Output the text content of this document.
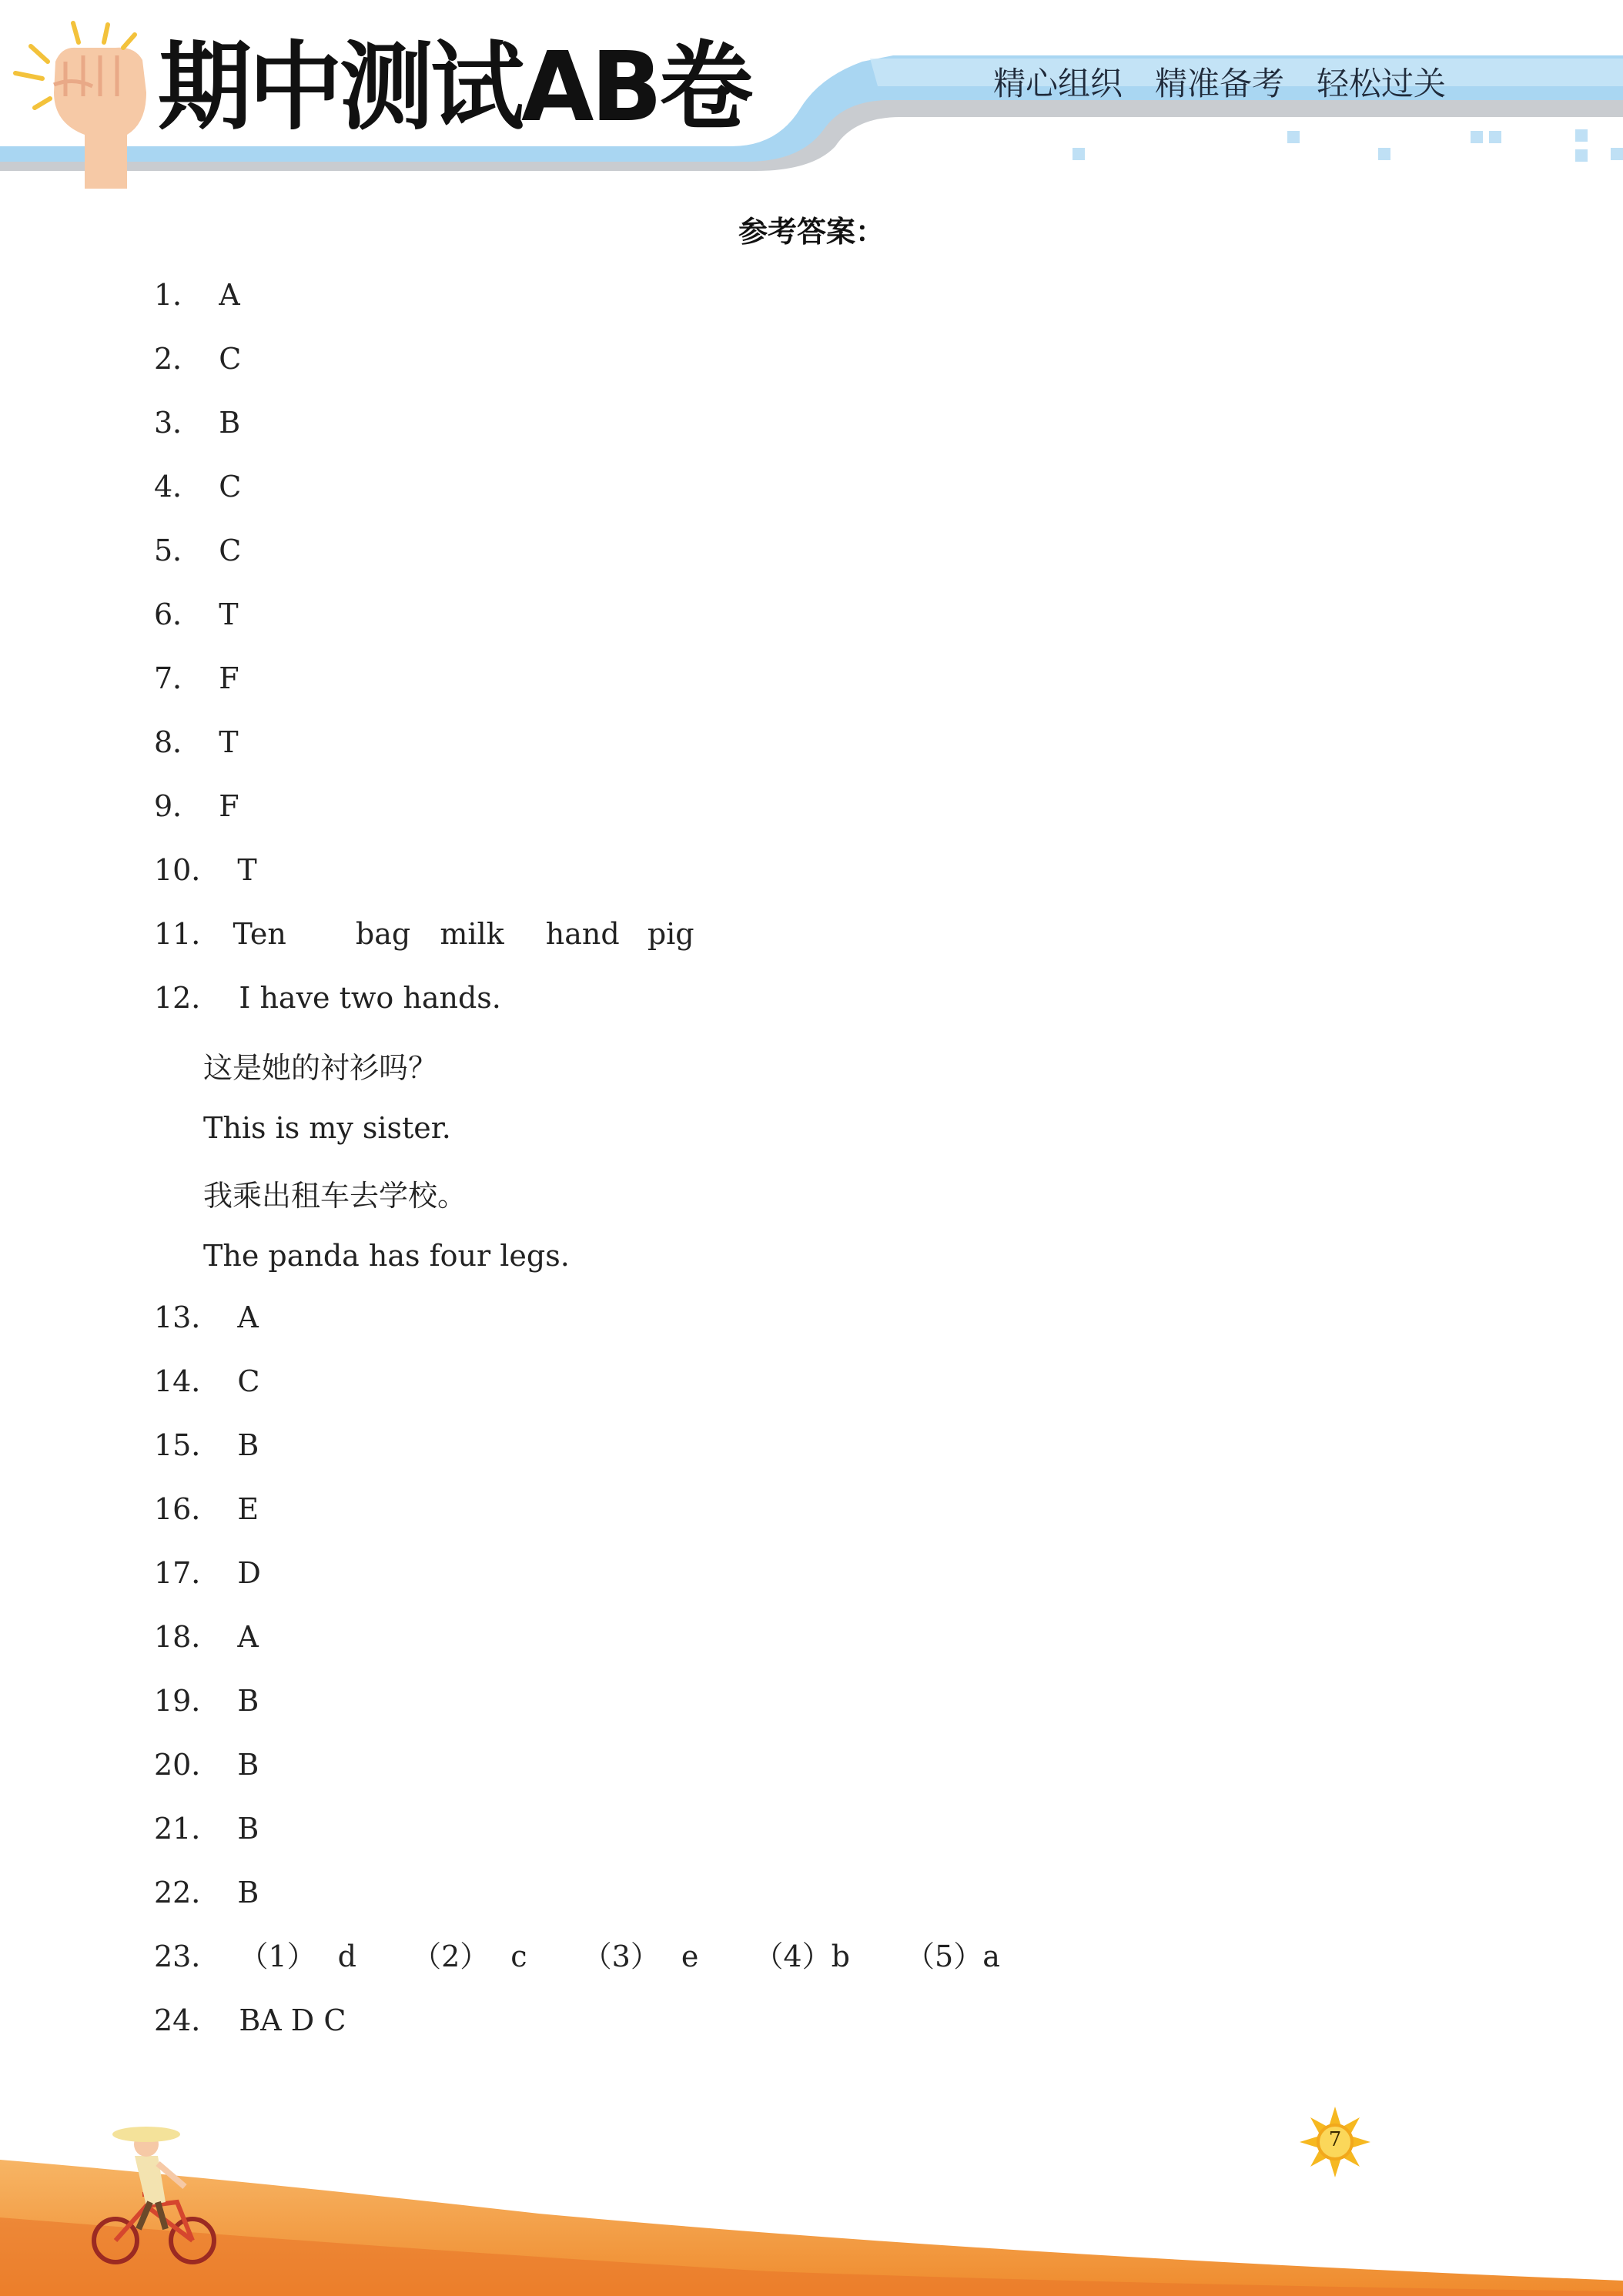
期中测试AB卷	精心组织 精准备考 轻松过关
参考答案：
1． A
2． C
3． B
4． C
5． C
6． T
7． F
8． T
9． F
10． T
11． Ten bag milk hand pig
12． I have two hands.
这是她的衬衫吗？
This is my sister.
我乘出租车去学校。
The panda has four legs.
13． A
14． C
15． B
16． E
17． D
18． A
19． B
20． B
21． B
22． B
23． （1） d （2） c （3） e （4）b （5）a
24． BA D C
7
